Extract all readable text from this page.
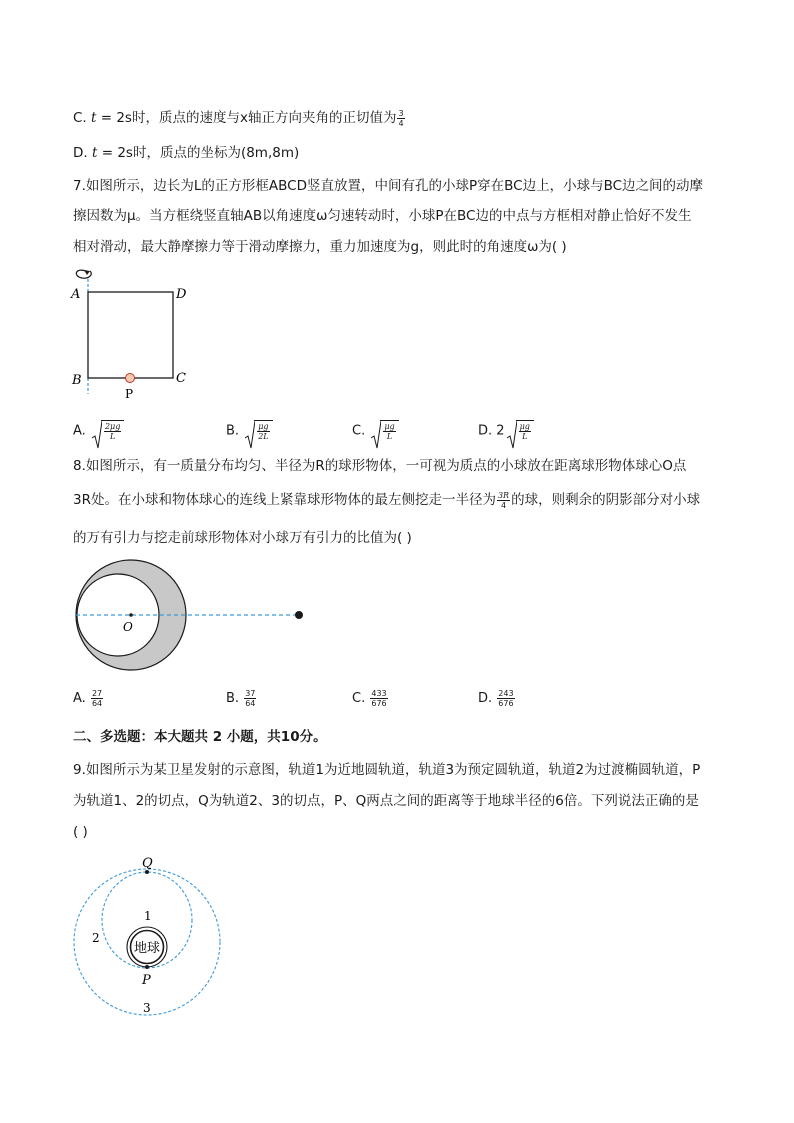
C. t = 2s时，质点的速度与x轴正方向夹角的正切值为 $\frac{3}{4}$
D. t = 2s时，质点的坐标为(8m,8m)
7.如图所示，边长为L的正方形框ABCD竖直放置，中间有孔的小球P穿在BC边上，小球与BC边之间的动摩
擦因数为μ。当方框绕竖直轴AB以角速度ω匀速转动时，小球P在BC边的中点与方框相对静止恰好不发生
相对滑动，最大静摩擦力等于滑动摩擦力，重力加速度为g，则此时的角速度ω为( )
A	D
B	C
P
A. $\frac{2\mu g}{L}$	B. $\frac{\mu g}{2L}$	C. $\frac{\mu g}{L}$	D. $2 \frac{\mu g}{L}$
8.如图所示，有一质量分布均匀、半径为R的球形物体，一可视为质点的小球放在距离球形物体球心O点
3R处。在小球和物体球心的连线上紧靠球形物体的最左侧挖走一半径为 $\frac{3R}{4}$ 的球，则剩余的阴影部分对小球
的万有引力与挖走前球形物体对小球万有引力的比值为( )
O
A. $\frac{27}{64}$	B. $\frac{37}{64}$	C. $\frac{433}{676}$	D. $\frac{243}{676}$
二、多选题：本大题共 2 小题，共10分。
9.如图所示为某卫星发射的示意图，轨道1为近地圆轨道，轨道3为预定圆轨道，轨道2为过渡椭圆轨道，P
为轨道1、2的切点，Q为轨道2、3的切点，P、Q两点之间的距离等于地球半径的6倍。下列说法正确的是
( )
地球
Q
P
1
2
3
